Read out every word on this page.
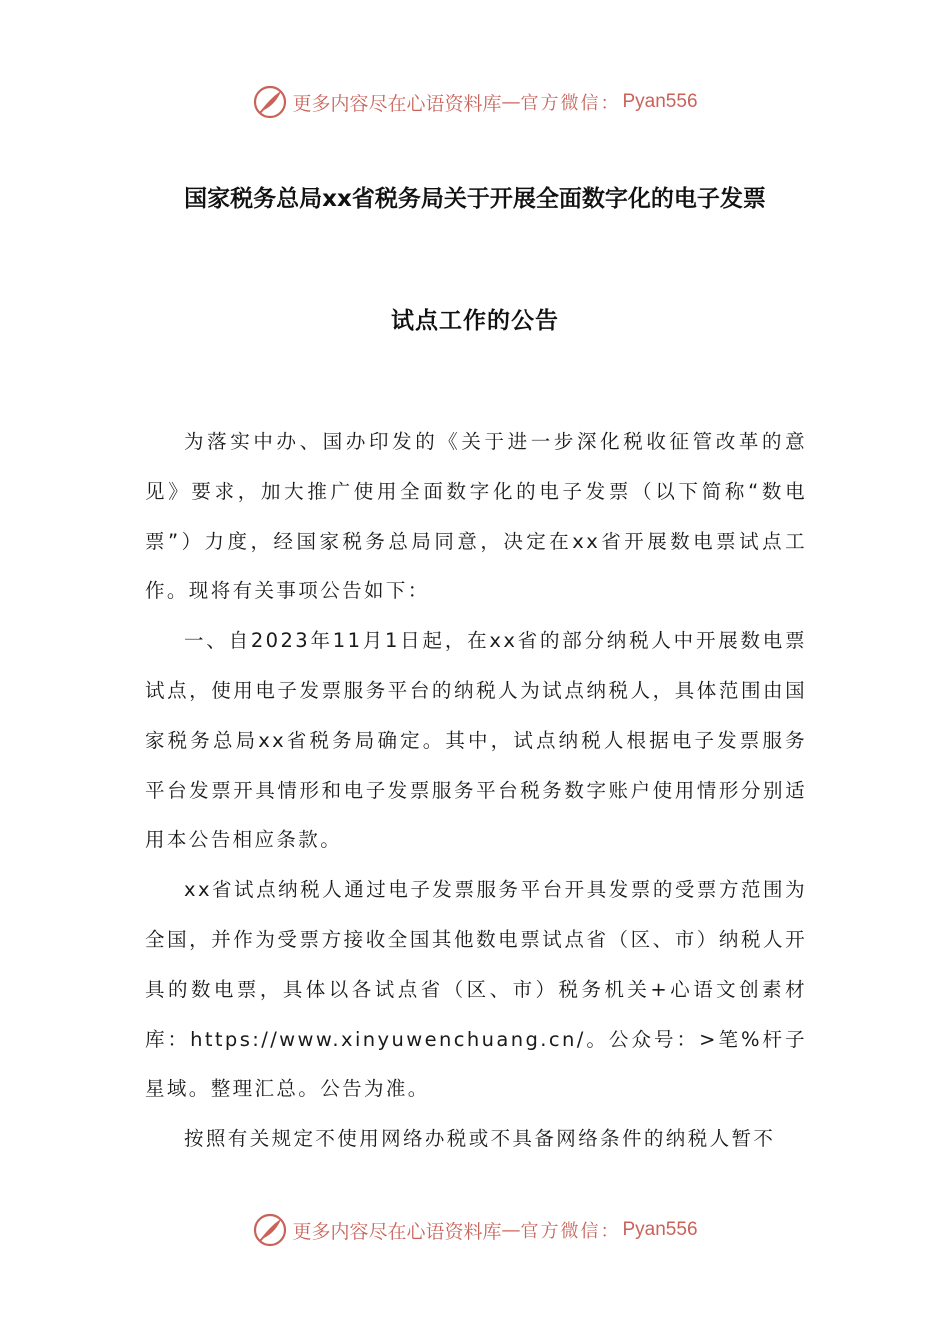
更多内容尽在心语资料库 — 官方微信： Pyan556
国家税务总局xx省税务局关于开展全面数字化的电子发票
试点工作的公告

为落实中办、国办印发的《关于进一步深化税收征管改革的意见》要求，加大推广使用全面数字化的电子发票（以下简称“数电票”）力度，经国家税务总局同意，决定在xx省开展数电票试点工作。现将有关事项公告如下：

一、自2023年11月1日起，在xx省的部分纳税人中开展数电票试点，使用电子发票服务平台的纳税人为试点纳税人，具体范围由国家税务总局xx省税务局确定。其中，试点纳税人根据电子发票服务平台发票开具情形和电子发票服务平台税务数字账户使用情形分别适用本公告相应条款。

xx省试点纳税人通过电子发票服务平台开具发票的受票方范围为全国，并作为受票方接收全国其他数电票试点省（区、市）纳税人开具的数电票，具体以各试点省（区、市）税务机关+心语文创素材库：https://www.xinyuwenchuang.cn/。公众号：>笔%杆子星域。整理汇总。公告为准。

按照有关规定不使用网络办税或不具备网络条件的纳税人暂不

更多内容尽在心语资料库 — 官方微信： Pyan556
